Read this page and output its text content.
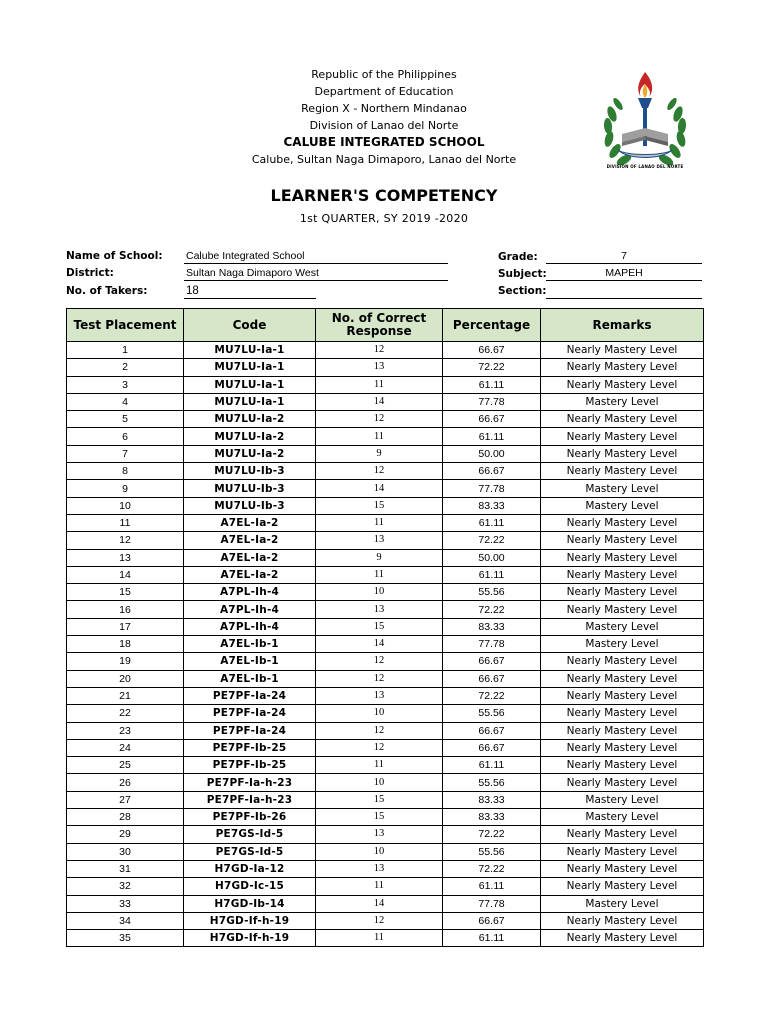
Republic of the Philippines
Department of Education
Region X - Northern Mindanao
Division of Lanao del Norte
CALUBE INTEGRATED SCHOOL
Calube, Sultan Naga Dimaporo, Lanao del Norte
DIVISION OF LANAO DEL NORTE
LEARNER'S COMPETENCY
1st QUARTER, SY 2019 -2020
Name of School: Calube Integrated School
District:	Sultan Naga Dimaporo West
No. of Takers:	18
Grade:	7
Subject:	MAPEH
Section:
Test Placement	Code	No. of Correct Response	Percentage	Remarks
1	MU7LU-Ia-1	12	66.67	Nearly Mastery Level
2	MU7LU-Ia-1	13	72.22	Nearly Mastery Level
3	MU7LU-Ia-1	11	61.11	Nearly Mastery Level
4	MU7LU-Ia-1	14	77.78	Mastery Level
5	MU7LU-Ia-2	12	66.67	Nearly Mastery Level
6	MU7LU-Ia-2	11	61.11	Nearly Mastery Level
7	MU7LU-Ia-2	9	50.00	Nearly Mastery Level
8	MU7LU-Ib-3	12	66.67	Nearly Mastery Level
9	MU7LU-Ib-3	14	77.78	Mastery Level
10	MU7LU-Ib-3	15	83.33	Mastery Level
11	A7EL-Ia-2	11	61.11	Nearly Mastery Level
12	A7EL-Ia-2	13	72.22	Nearly Mastery Level
13	A7EL-Ia-2	9	50.00	Nearly Mastery Level
14	A7EL-Ia-2	11	61.11	Nearly Mastery Level
15	A7PL-Ih-4	10	55.56	Nearly Mastery Level
16	A7PL-Ih-4	13	72.22	Nearly Mastery Level
17	A7PL-Ih-4	15	83.33	Mastery Level
18	A7EL-Ib-1	14	77.78	Mastery Level
19	A7EL-Ib-1	12	66.67	Nearly Mastery Level
20	A7EL-Ib-1	12	66.67	Nearly Mastery Level
21	PE7PF-Ia-24	13	72.22	Nearly Mastery Level
22	PE7PF-Ia-24	10	55.56	Nearly Mastery Level
23	PE7PF-Ia-24	12	66.67	Nearly Mastery Level
24	PE7PF-Ib-25	12	66.67	Nearly Mastery Level
25	PE7PF-Ib-25	11	61.11	Nearly Mastery Level
26	PE7PF-Ia-h-23	10	55.56	Nearly Mastery Level
27	PE7PF-Ia-h-23	15	83.33	Mastery Level
28	PE7PF-Ib-26	15	83.33	Mastery Level
29	PE7GS-Id-5	13	72.22	Nearly Mastery Level
30	PE7GS-Id-5	10	55.56	Nearly Mastery Level
31	H7GD-Ia-12	13	72.22	Nearly Mastery Level
32	H7GD-Ic-15	11	61.11	Nearly Mastery Level
33	H7GD-Ib-14	14	77.78	Mastery Level
34	H7GD-If-h-19	12	66.67	Nearly Mastery Level
35	H7GD-If-h-19	11	61.11	Nearly Mastery Level
